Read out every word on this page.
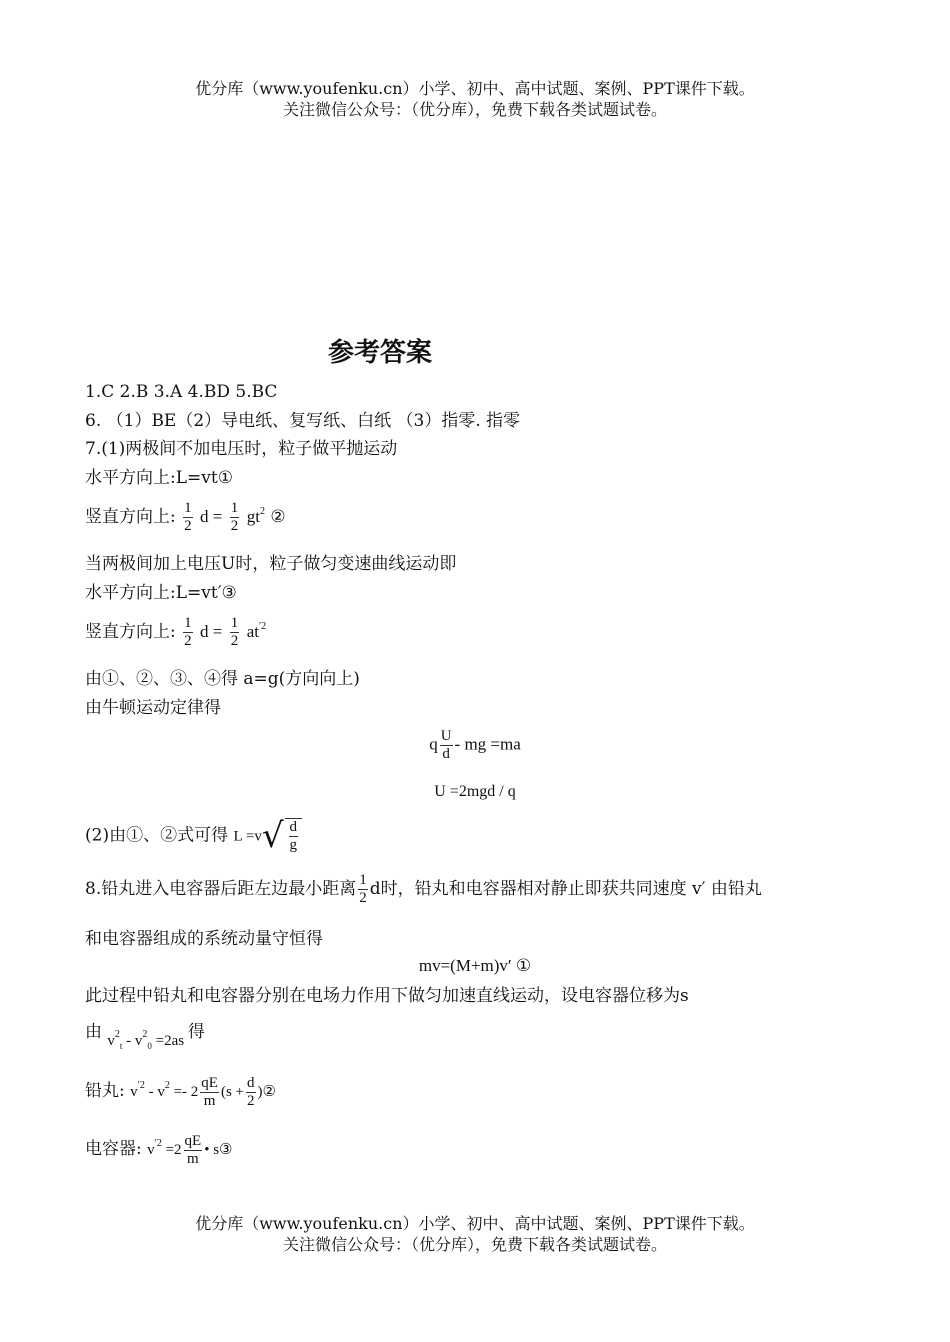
优分库（www.youfenku.cn）小学、初中、高中试题、案例、PPT课件下载。
关注微信公众号：（优分库），免费下载各类试题试卷。
参考答案
1.C 2.B 3.A 4.BD 5.BC
6. （1）BE（2）导电纸、复写纸、白纸 （3）指零. 指零
7.(1)两极间不加电压时，粒子做平抛运动
水平方向上:L=vt①
竖直方向上: $\frac{1}{2}$ $d = \frac{1}{2} gt^2$ ②
当两极间加上电压U时，粒子做匀变速曲线运动即
水平方向上:L=vt′③
竖直方向上: $\frac{1}{2}$ $d = \frac{1}{2} at^{'2}$
由①、②、③、④得 a=g(方向向上)
由牛顿运动定律得
q $\frac{U}{d}$ - mg =ma
U =2mgd / q
(2)由①、②式可得 $L =v√ \frac{d}{g}$
8.铅丸进入电容器后距左边最小距离 $\frac{1}{2}$ d时，铅丸和电容器相对静止即获共同速度 v′ 由铅丸
和电容器组成的系统动量守恒得
mv=(M+m)v′ ①
此过程中铅丸和电容器分别在电场力作用下做匀加速直线运动，设电容器位移为s
由 $v^2_t - v^2_0 =2as$ 得
铅丸: $v^{'2} - v^2 =- 2 \frac{qE}{m} (s + \frac{d}{2}$ )②
电容器: $v^{'2} =2 \frac{qE}{m}$ • s③
优分库（www.youfenku.cn）小学、初中、高中试题、案例、PPT课件下载。
关注微信公众号：（优分库），免费下载各类试题试卷。
